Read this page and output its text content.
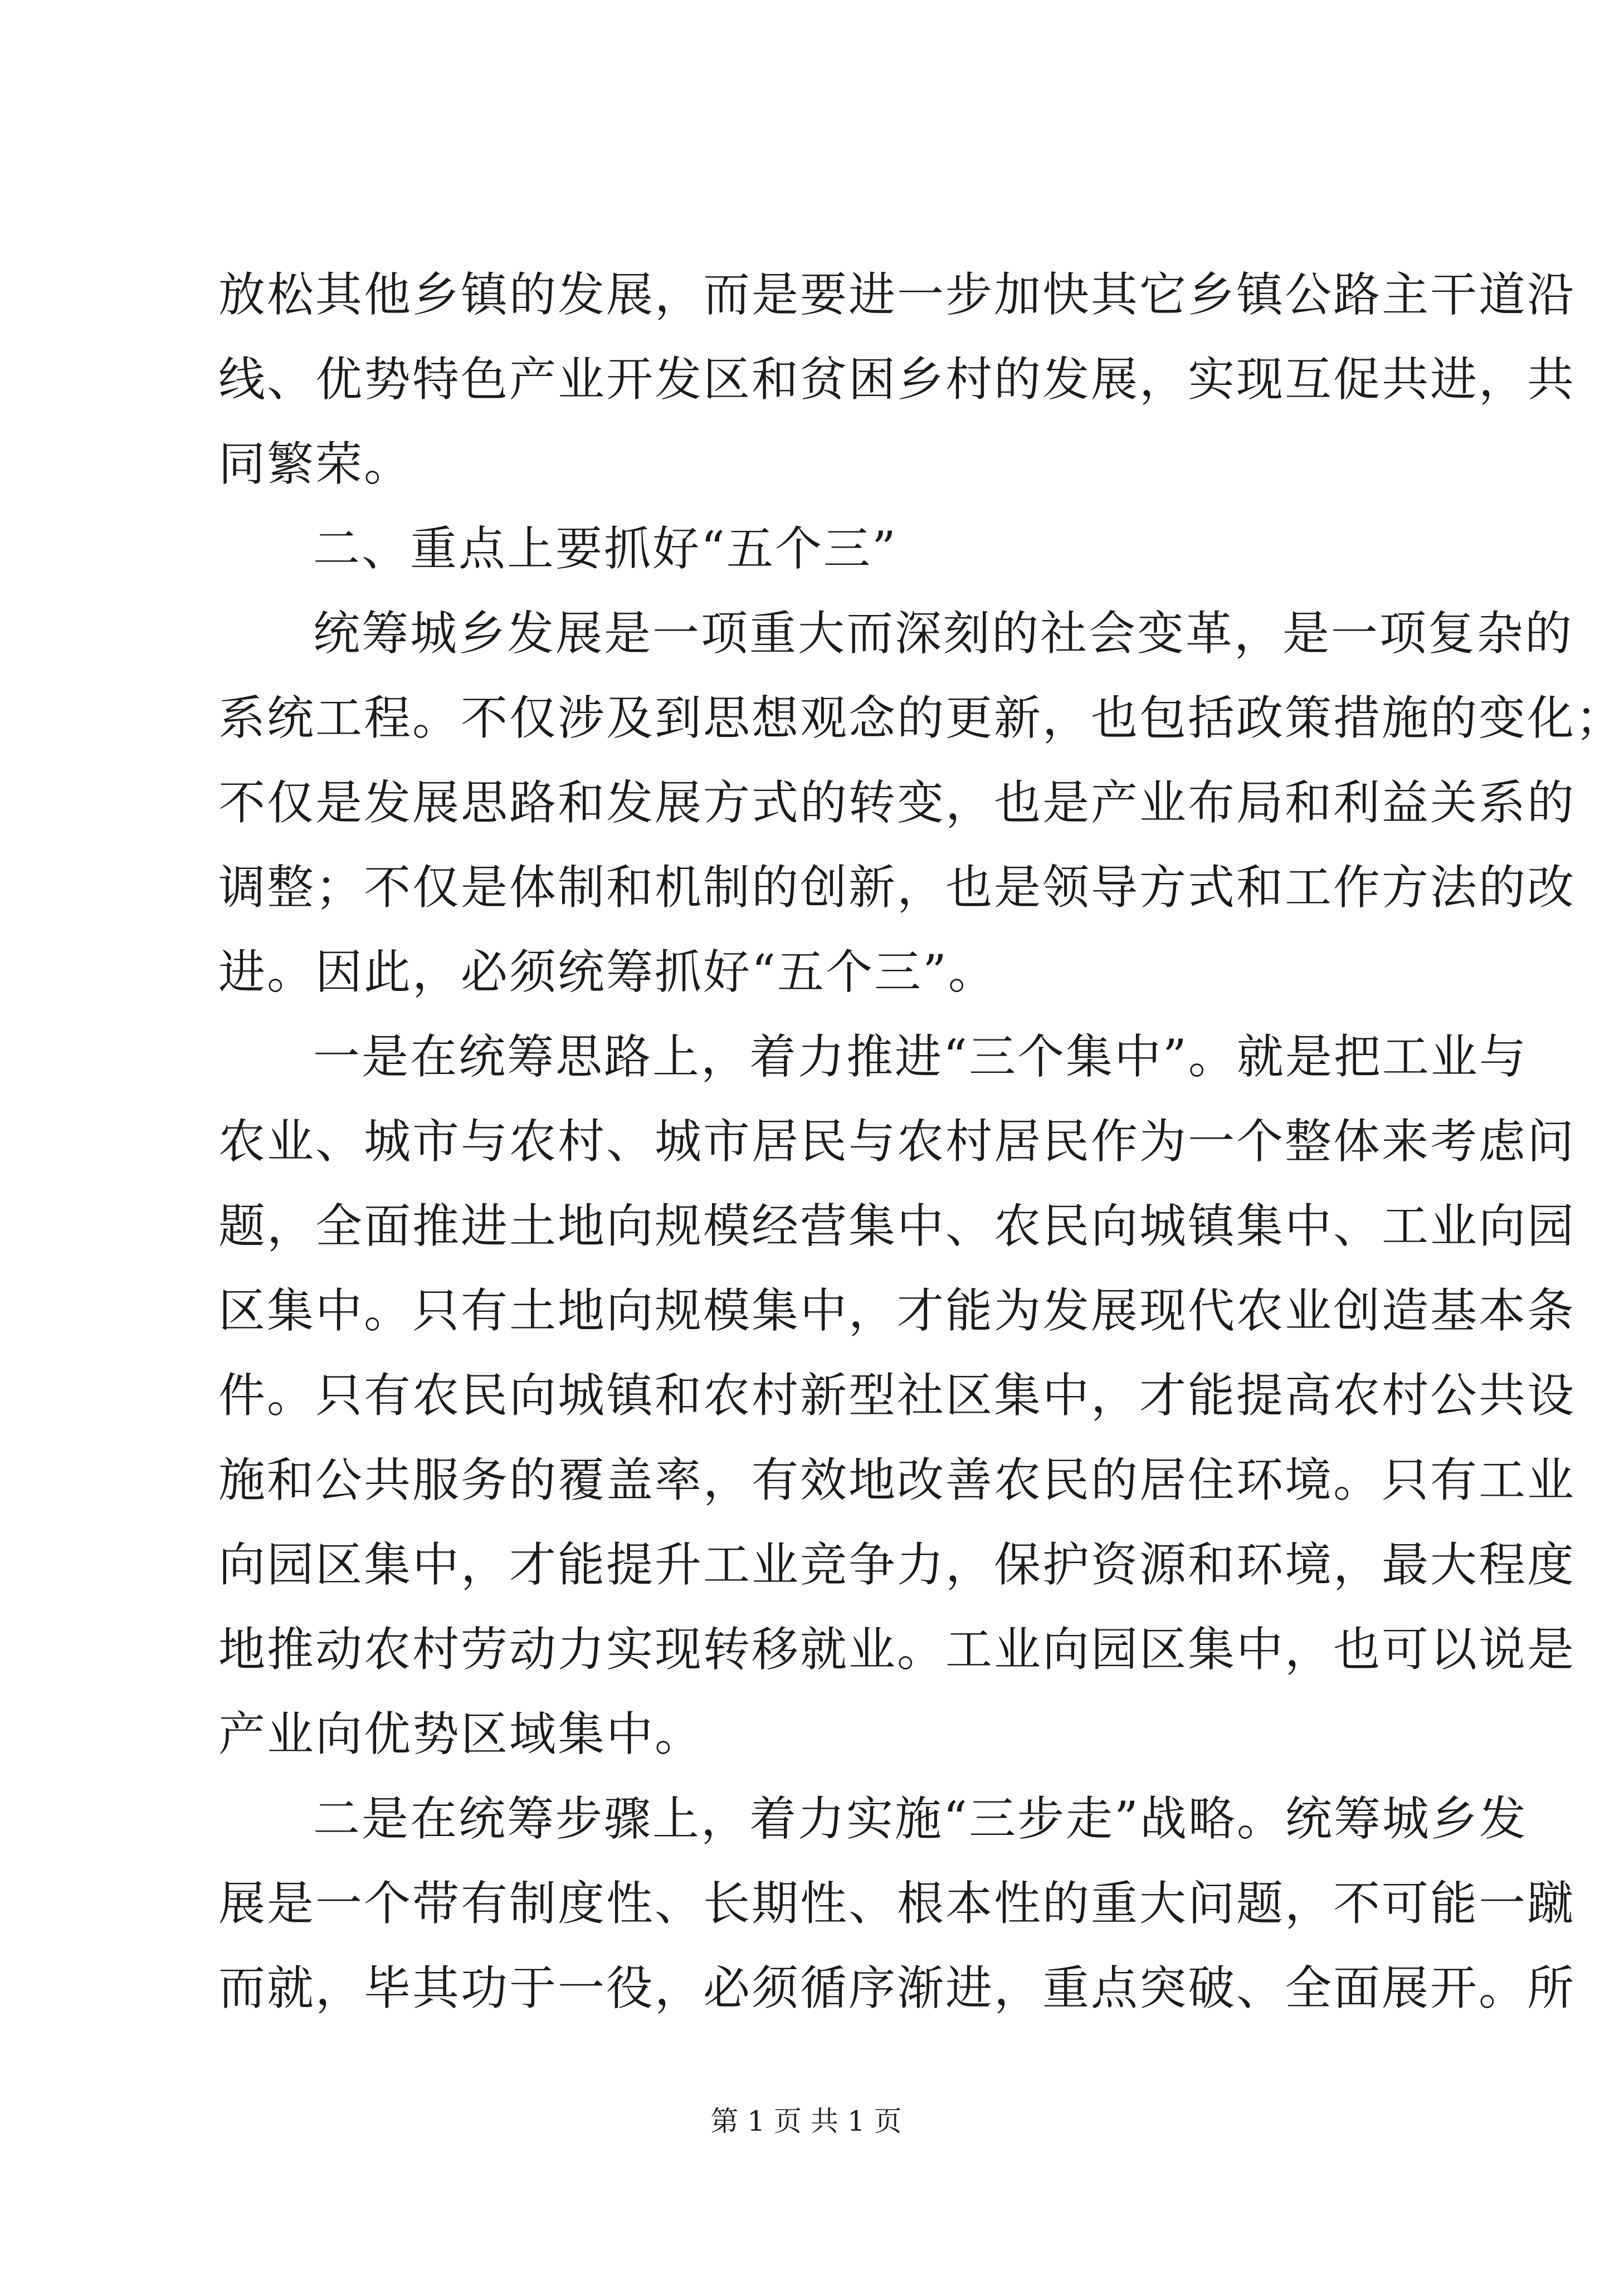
放松其他乡镇的发展，而是要进一步加快其它乡镇公路主干道沿
线、优势特色产业开发区和贫困乡村的发展，实现互促共进，共
同繁荣。
二、重点上要抓好“五个三”
统筹城乡发展是一项重大而深刻的社会变革，是一项复杂的
系统工程。不仅涉及到思想观念的更新，也包括政策措施的变化；
不仅是发展思路和发展方式的转变，也是产业布局和利益关系的
调整；不仅是体制和机制的创新，也是领导方式和工作方法的改
进。因此，必须统筹抓好“五个三”。
一是在统筹思路上，着力推进“三个集中”。就是把工业与
农业、城市与农村、城市居民与农村居民作为一个整体来考虑问
题，全面推进土地向规模经营集中、农民向城镇集中、工业向园
区集中。只有土地向规模集中，才能为发展现代农业创造基本条
件。只有农民向城镇和农村新型社区集中，才能提高农村公共设
施和公共服务的覆盖率，有效地改善农民的居住环境。只有工业
向园区集中，才能提升工业竞争力，保护资源和环境，最大程度
地推动农村劳动力实现转移就业。工业向园区集中，也可以说是
产业向优势区域集中。
二是在统筹步骤上，着力实施“三步走”战略。统筹城乡发
展是一个带有制度性、长期性、根本性的重大问题，不可能一蹴
而就，毕其功于一役，必须循序渐进，重点突破、全面展开。所
第 1 页 共 1 页
